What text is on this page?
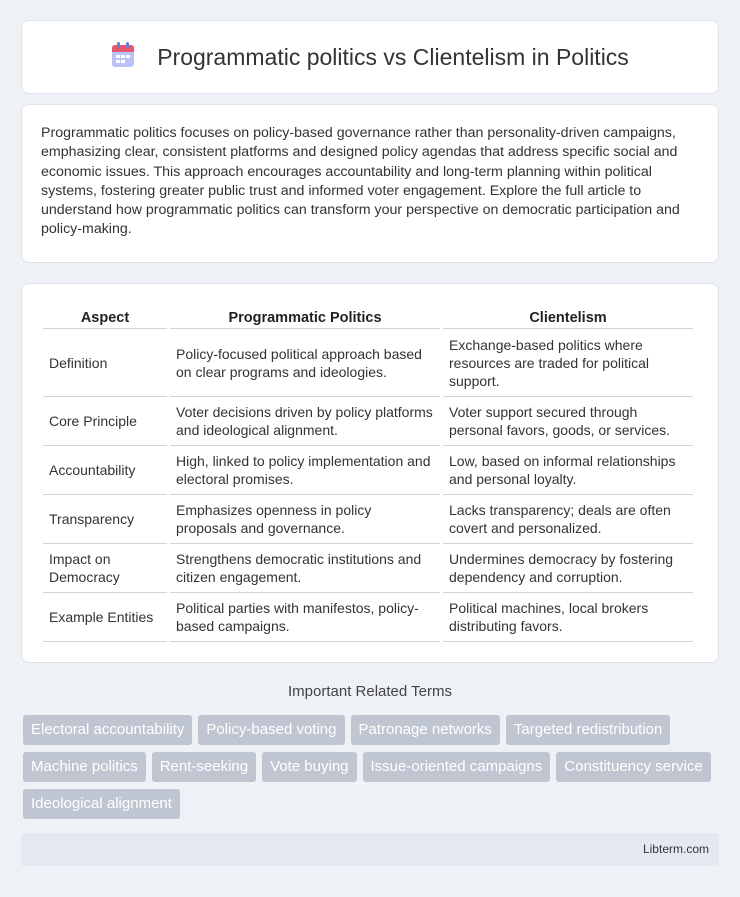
Programmatic politics vs Clientelism in Politics

Programmatic politics focuses on policy-based governance rather than personality-driven campaigns, emphasizing clear, consistent platforms and designed policy agendas that address specific social and economic issues. This approach encourages accountability and long-term planning within political systems, fostering greater public trust and informed voter engagement. Explore the full article to understand how programmatic politics can transform your perspective on democratic participation and policy-making.

Aspect	Programmatic Politics	Clientelism
Definition	Policy-focused political approach based on clear programs and ideologies.	Exchange-based politics where resources are traded for political support.
Core Principle	Voter decisions driven by policy platforms and ideological alignment.	Voter support secured through personal favors, goods, or services.
Accountability	High, linked to policy implementation and electoral promises.	Low, based on informal relationships and personal loyalty.
Transparency	Emphasizes openness in policy proposals and governance.	Lacks transparency; deals are often covert and personalized.
Impact on Democracy	Strengthens democratic institutions and citizen engagement.	Undermines democracy by fostering dependency and corruption.
Example Entities	Political parties with manifestos, policy-based campaigns.	Political machines, local brokers distributing favors.
Important Related Terms
Electoral accountability	Policy-based voting	Patronage networks	Targeted redistribution
Machine politics	Rent-seeking	Vote buying	Issue-oriented campaigns	Constituency service
Ideological alignment
Libterm.com
